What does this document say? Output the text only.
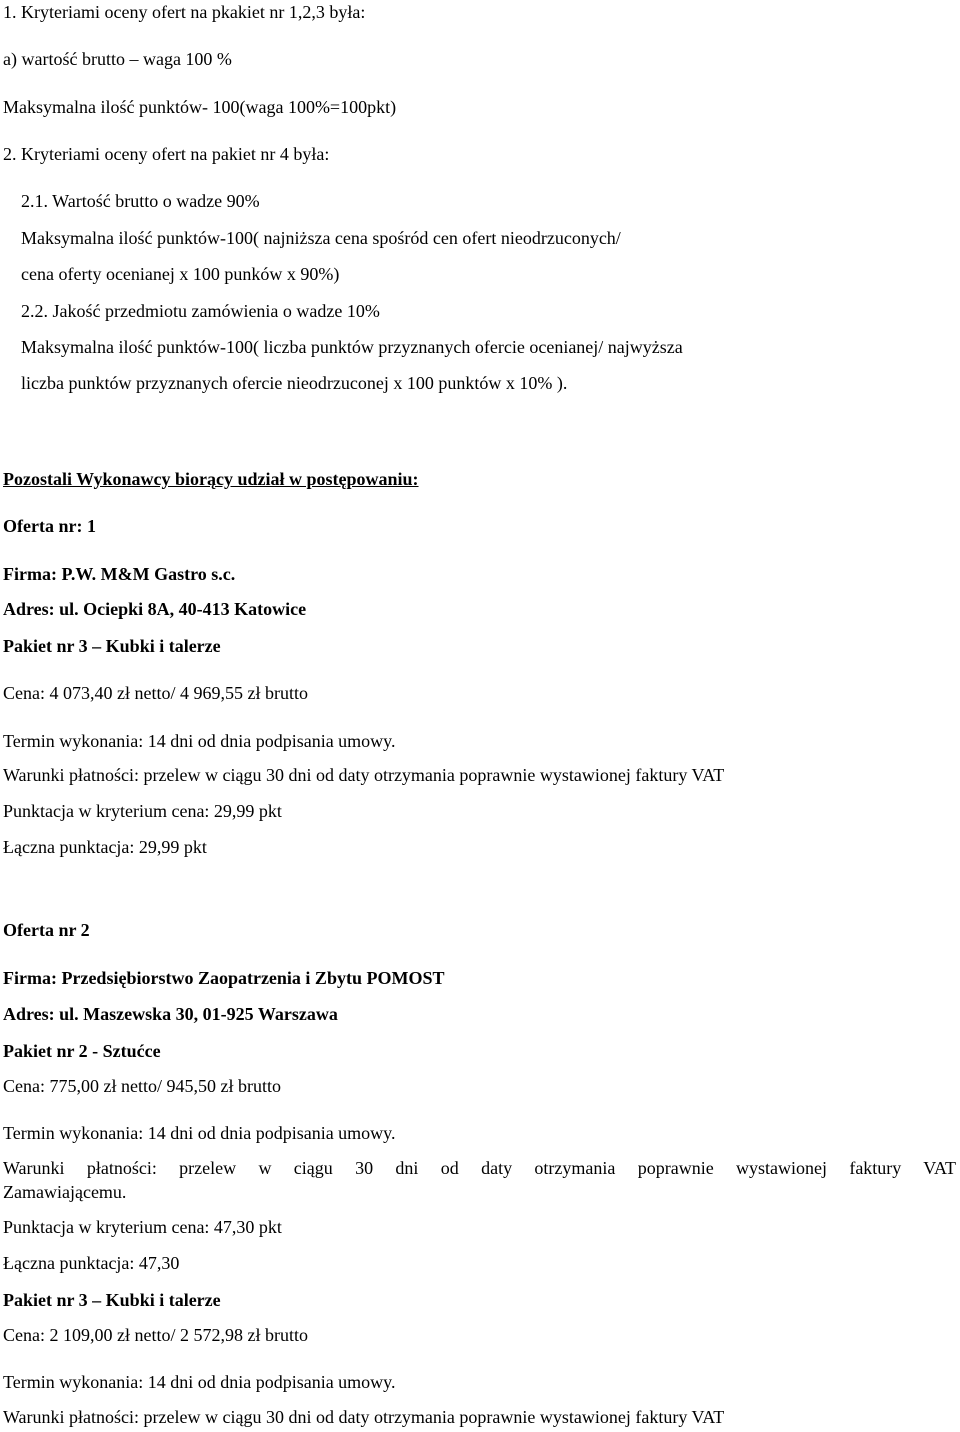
1. Kryteriami oceny ofert na pkakiet nr 1,2,3 była:
a) wartość brutto – waga 100 %
Maksymalna ilość punktów- 100(waga 100%=100pkt)
2. Kryteriami oceny ofert na pakiet nr 4 była:
2.1. Wartość brutto o wadze 90%
Maksymalna ilość punktów-100( najniższa cena spośród cen ofert nieodrzuconych/
cena oferty ocenianej x 100 punków x 90%)
2.2. Jakość przedmiotu zamówienia o wadze 10%
Maksymalna ilość punktów-100( liczba punktów przyznanych ofercie ocenianej/ najwyższa
liczba punktów przyznanych ofercie nieodrzuconej x 100 punktów x 10% ).
Pozostali Wykonawcy biorący udział w postępowaniu:
Oferta nr: 1
Firma: P.W. M&M Gastro s.c.
Adres: ul. Ociepki 8A, 40-413 Katowice
Pakiet nr 3 – Kubki i talerze
Cena: 4 073,40 zł netto/ 4 969,55 zł brutto
Termin wykonania: 14 dni od dnia podpisania umowy.
Warunki płatności: przelew w ciągu 30 dni od daty otrzymania poprawnie wystawionej faktury VAT
Punktacja w kryterium cena: 29,99 pkt
Łączna punktacja: 29,99 pkt
Oferta nr 2
Firma: Przedsiębiorstwo Zaopatrzenia i Zbytu POMOST
Adres: ul. Maszewska 30, 01-925 Warszawa
Pakiet nr 2 - Sztućce
Cena: 775,00 zł netto/ 945,50 zł brutto
Termin wykonania: 14 dni od dnia podpisania umowy.
Warunki płatności: przelew w ciągu 30 dni od daty otrzymania poprawnie wystawionej faktury VAT
Zamawiającemu.
Punktacja w kryterium cena: 47,30 pkt
Łączna punktacja: 47,30
Pakiet nr 3 – Kubki i talerze
Cena: 2 109,00 zł netto/ 2 572,98 zł brutto
Termin wykonania: 14 dni od dnia podpisania umowy.
Warunki płatności: przelew w ciągu 30 dni od daty otrzymania poprawnie wystawionej faktury VAT
